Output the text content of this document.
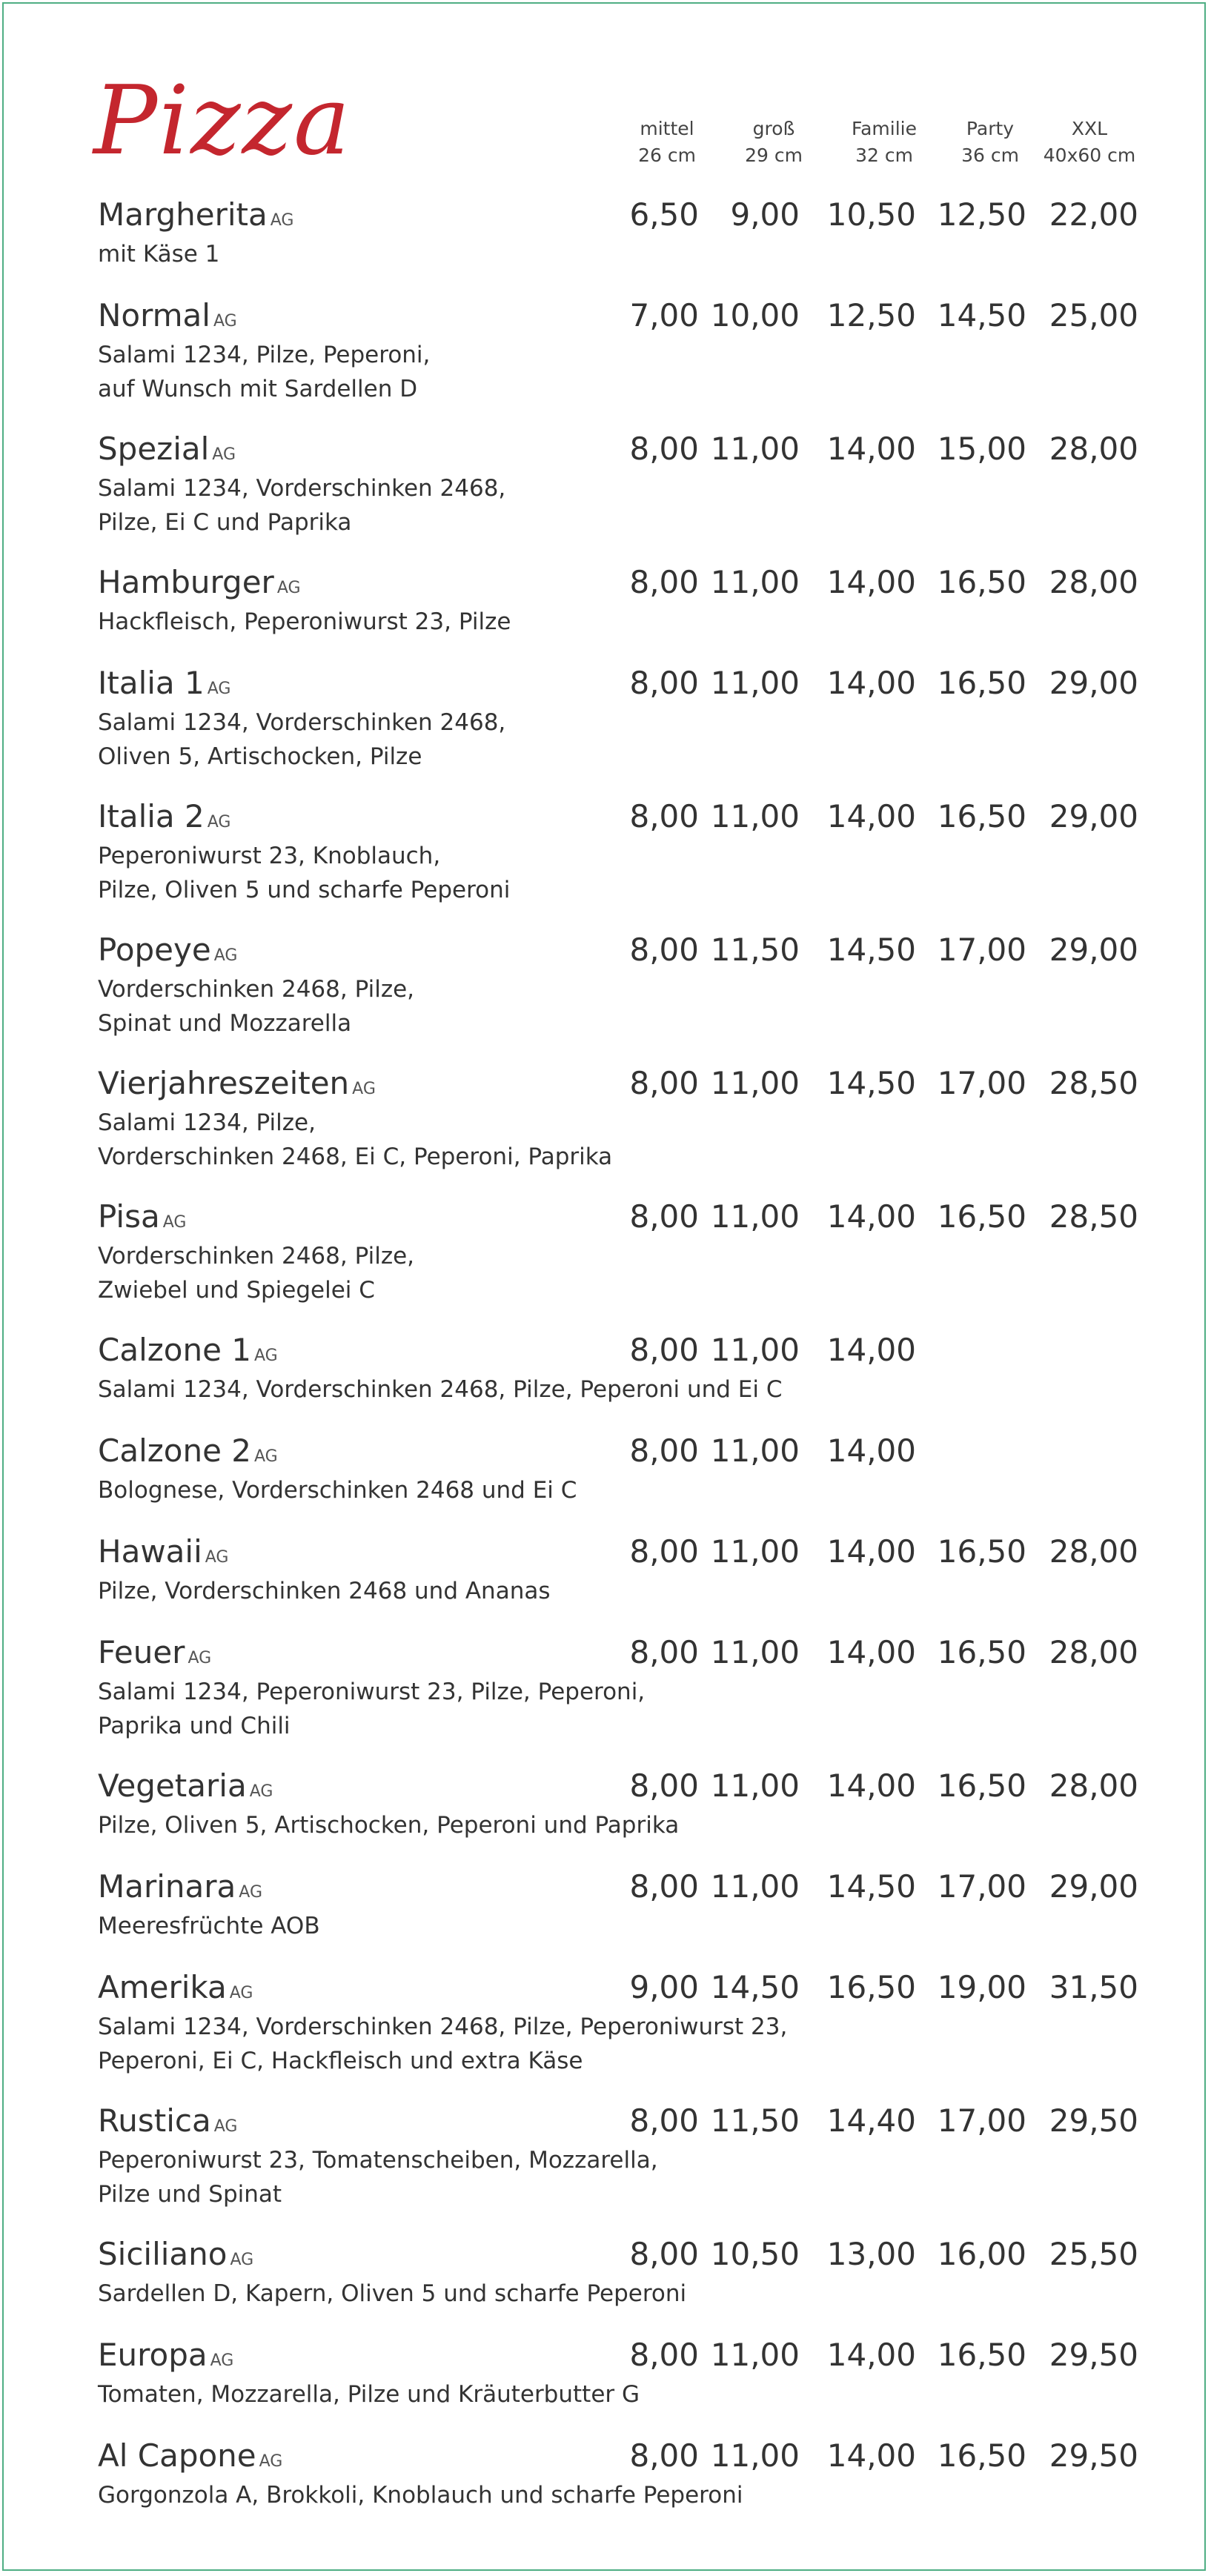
Pizza	mittel
26 cm
groß
29 cm
Familie
32 cm
Party
36 cm
XXL
40x60 cm
Margherita AG
mit Käse 1
6,50	9,00 10,50 12,50 22,00
Normal AG
Salami 1234, Pilze, Peperoni,
auf Wunsch mit Sardellen D
7,00 10,00 12,50 14,50 25,00
Spezial AG
Salami 1234, Vorderschinken 2468,
Pilze, Ei C und Paprika
8,00 11,00 14,00 15,00 28,00
Hamburger AG
Hackfleisch, Peperoniwurst 23, Pilze
8,00 11,00 14,00 16,50 28,00
Italia 1 AG
Salami 1234, Vorderschinken 2468,
Oliven 5, Artischocken, Pilze
8,00 11,00 14,00 16,50 29,00
Italia 2 AG
Peperoniwurst 23, Knoblauch,
Pilze, Oliven 5 und scharfe Peperoni
8,00 11,00 14,00 16,50 29,00
Popeye AG
Vorderschinken 2468, Pilze,
Spinat und Mozzarella
8,00 11,50 14,50 17,00 29,00
Vierjahreszeiten AG
Salami 1234, Pilze,
Vorderschinken 2468, Ei C, Peperoni, Paprika
8,00 11,00 14,50 17,00 28,50
Pisa AG
Vorderschinken 2468, Pilze,
Zwiebel und Spiegelei C
8,00 11,00 14,00 16,50 28,50
Calzone 1 AG
Salami 1234, Vorderschinken 2468, Pilze, Peperoni und Ei C
8,00 11,00 14,00
Calzone 2 AG
Bolognese, Vorderschinken 2468 und Ei C
8,00 11,00 14,00
Hawaii AG
Pilze, Vorderschinken 2468 und Ananas
8,00 11,00 14,00 16,50 28,00
Feuer AG
Salami 1234, Peperoniwurst 23, Pilze, Peperoni,
Paprika und Chili
8,00 11,00 14,00 16,50 28,00
Vegetaria AG
Pilze, Oliven 5, Artischocken, Peperoni und Paprika
8,00 11,00 14,00 16,50 28,00
Marinara AG
Meeresfrüchte AOB
8,00 11,00 14,50 17,00 29,00
Amerika AG
Salami 1234, Vorderschinken 2468, Pilze, Peperoniwurst 23,
Peperoni, Ei C, Hackfleisch und extra Käse
9,00 14,50 16,50 19,00 31,50
Rustica AG
Peperoniwurst 23, Tomatenscheiben, Mozzarella,
Pilze und Spinat
8,00 11,50 14,40 17,00 29,50
Siciliano AG
Sardellen D, Kapern, Oliven 5 und scharfe Peperoni
8,00 10,50 13,00 16,00 25,50
Europa AG
Tomaten, Mozzarella, Pilze und Kräuterbutter G
8,00 11,00 14,00 16,50 29,50
Al Capone AG
Gorgonzola A, Brokkoli, Knoblauch und scharfe Peperoni
8,00 11,00 14,00 16,50 29,50
